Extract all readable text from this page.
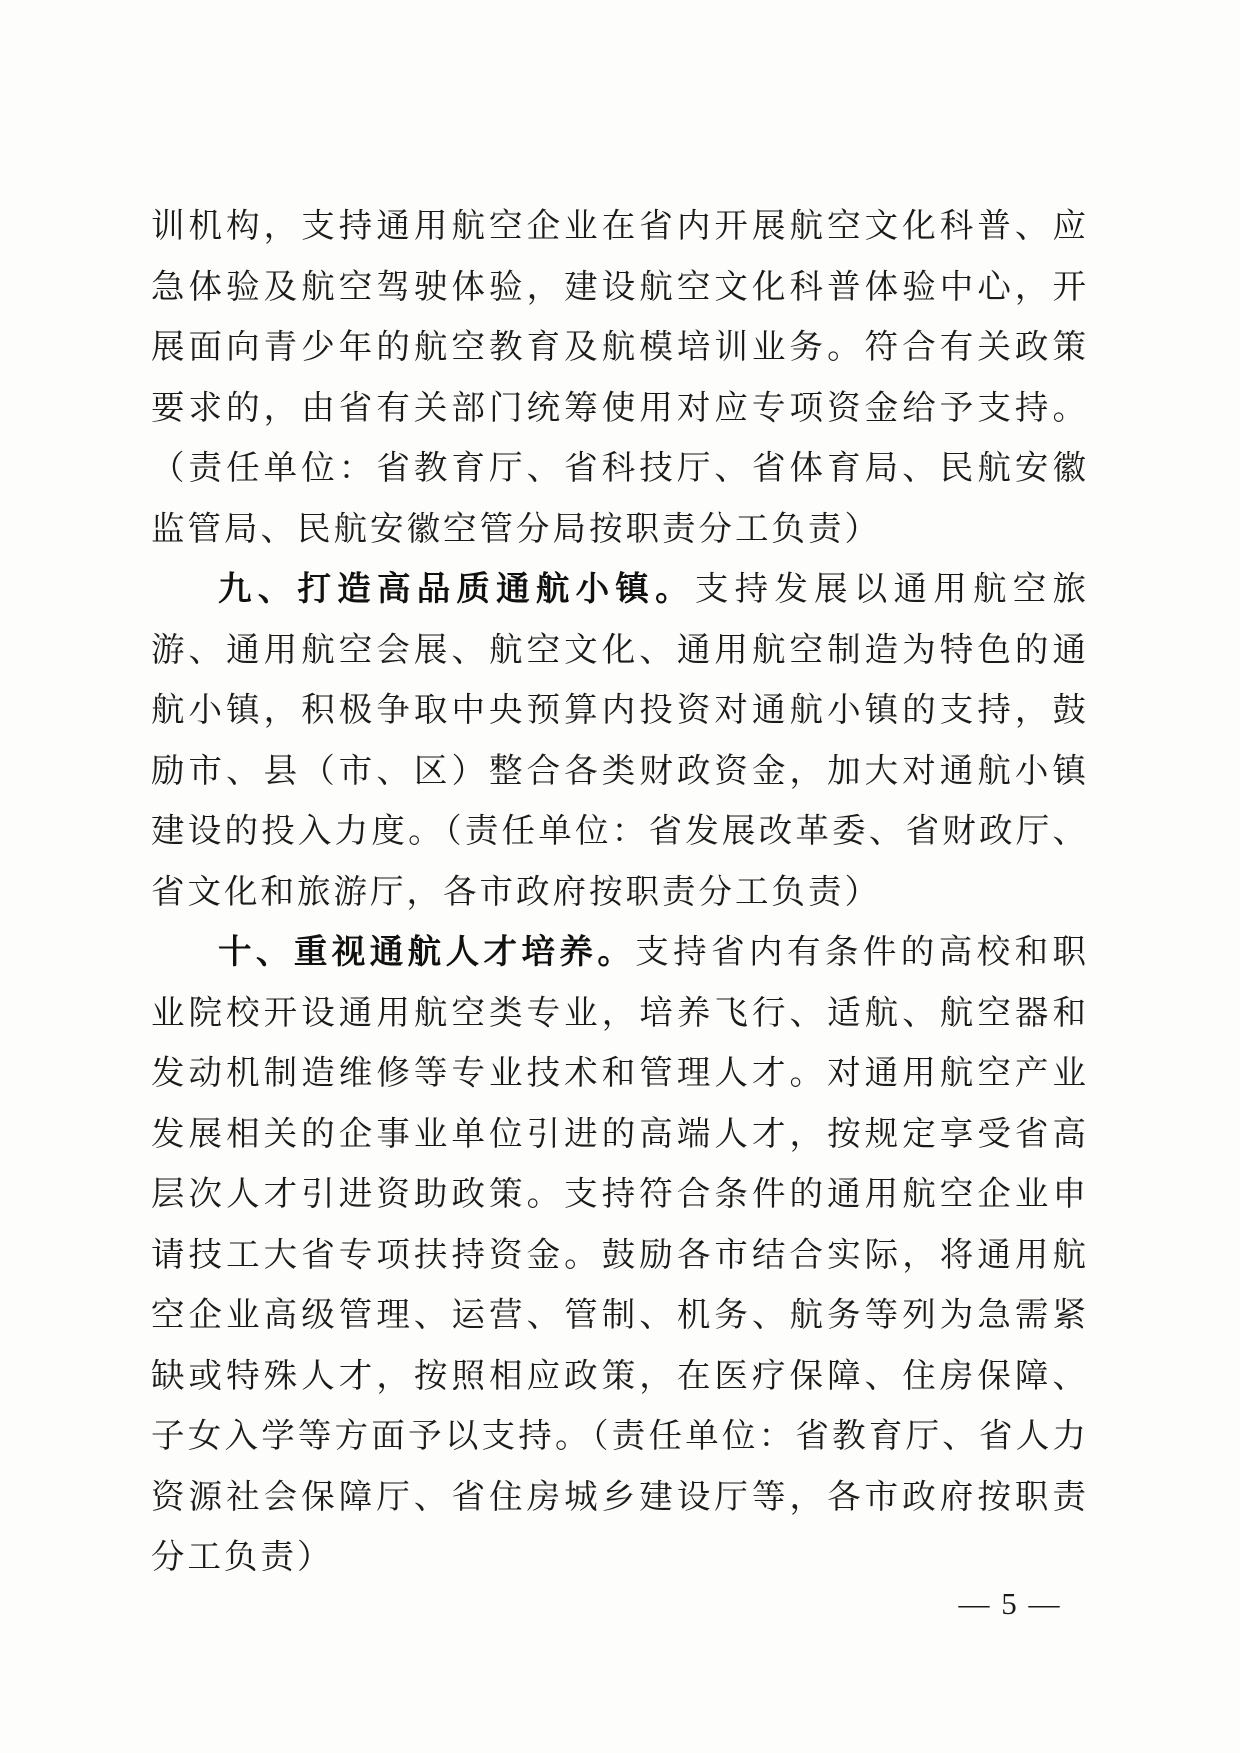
训机构，支持通用航空企业在省内开展航空文化科普、应急体验及航空驾驶体验，建设航空文化科普体验中心，开展面向青少年的航空教育及航模培训业务。符合有关政策要求的，由省有关部门统筹使用对应专项资金给予支持。（责任单位：省教育厅、省科技厅、省体育局、民航安徽监管局、民航安徽空管分局按职责分工负责）

九、打造高品质通航小镇。支持发展以通用航空旅游、通用航空会展、航空文化、通用航空制造为特色的通航小镇，积极争取中央预算内投资对通航小镇的支持，鼓励市、县（市、区）整合各类财政资金，加大对通航小镇建设的投入力度。（责任单位：省发展改革委、省财政厅、省文化和旅游厅，各市政府按职责分工负责）

十、重视通航人才培养。支持省内有条件的高校和职业院校开设通用航空类专业，培养飞行、适航、航空器和发动机制造维修等专业技术和管理人才。对通用航空产业发展相关的企事业单位引进的高端人才，按规定享受省高层次人才引进资助政策。支持符合条件的通用航空企业申请技工大省专项扶持资金。鼓励各市结合实际，将通用航空企业高级管理、运营、管制、机务、航务等列为急需紧缺或特殊人才，按照相应政策，在医疗保障、住房保障、子女入学等方面予以支持。（责任单位：省教育厅、省人力资源社会保障厅、省住房城乡建设厅等，各市政府按职责分工负责）

— 5 —
